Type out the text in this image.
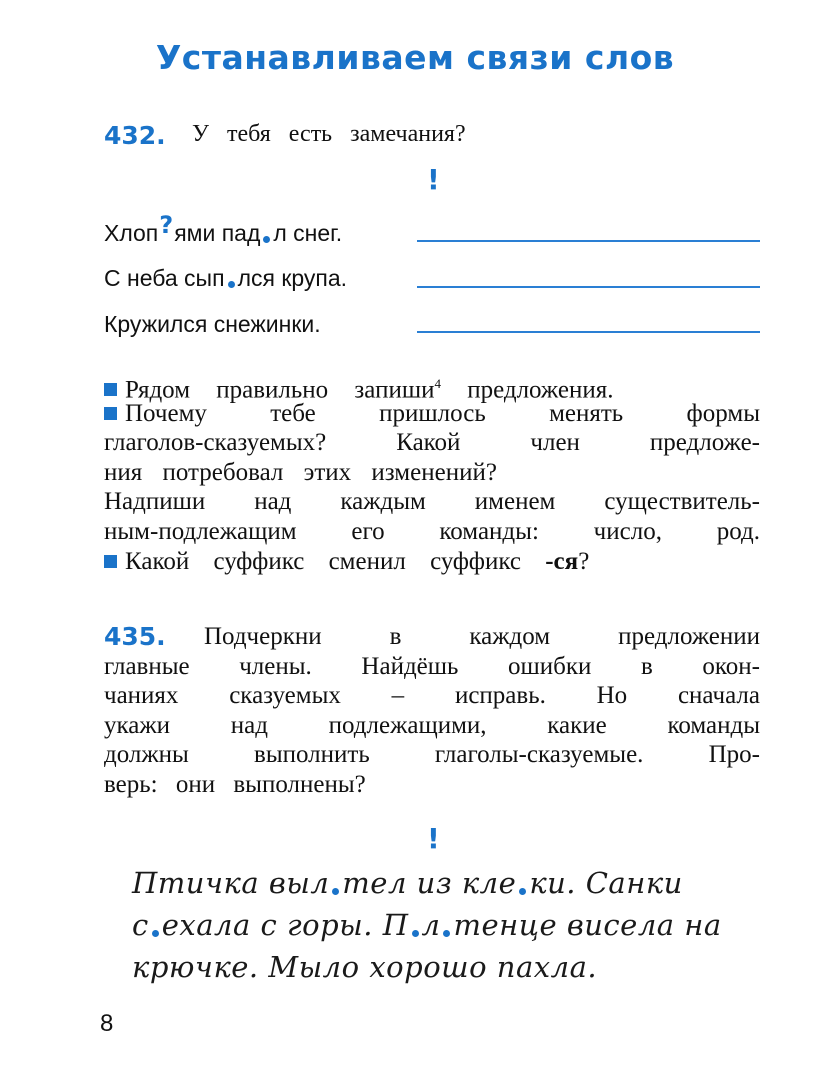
Устанавливаем связи слов
432. У тебя есть замечания?
!
Хлоп?ями пад л снег.
С неба сып лся крупа.
Кружился снежинки.
Рядом правильно запиши$^4$ предложения.
Почему тебе пришлось менять формы
глаголов-сказуемых? Какой член предложе-
ния потребовал этих изменений?
Надпиши над каждым именем существитель-
ным-подлежащим его команды: число, род.
Какой суффикс сменил суффикс -ся?
435.	Подчеркни в каждом предложении
главные члены. Найдёшь ошибки в окон-
чаниях сказуемых – исправь. Но сначала
укажи над подлежащими, какие команды
должны выполнить глаголы-сказуемые. Про-
верь: они выполнены?
!
Птичка выл тел из кле ки. Санки
с ехала с горы. П л тенце висела на
крючке. Мыло хорошо пахла.
8
